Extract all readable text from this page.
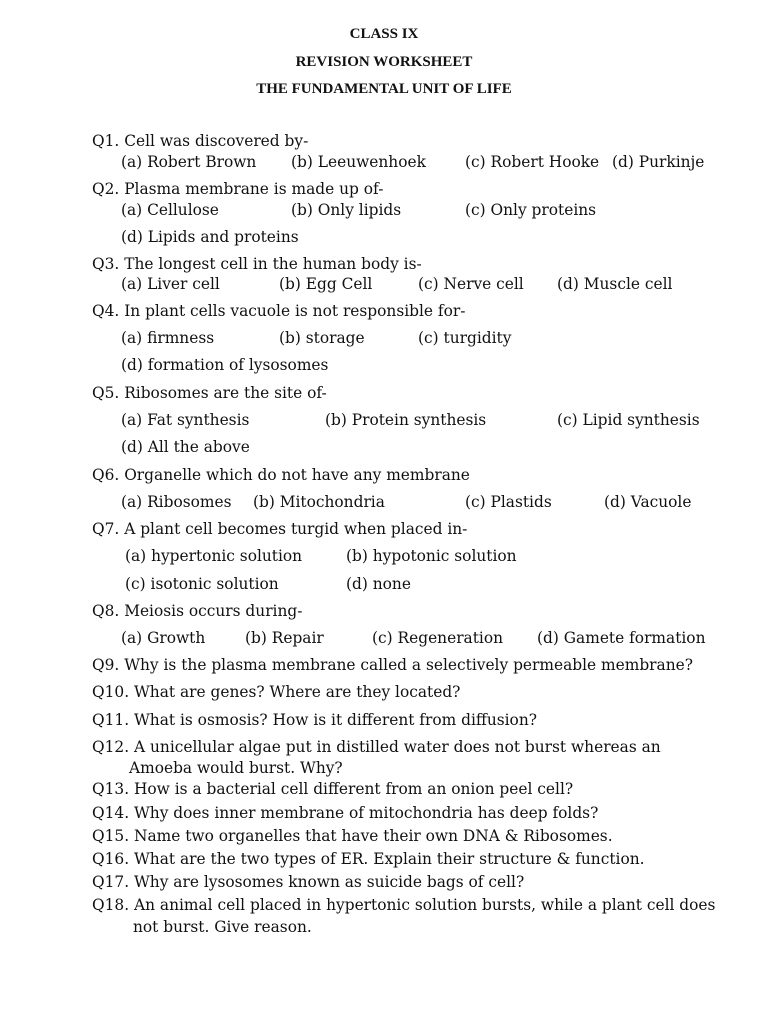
CLASS IX
REVISION WORKSHEET
THE FUNDAMENTAL UNIT OF LIFE
Q1. Cell was discovered by-
(a) Robert Brown (b) Leeuwenhoek	(c) Robert Hooke (d) Purkinje
Q2. Plasma membrane is made up of-
(a) Cellulose	(b) Only lipids	(c) Only proteins
(d) Lipids and proteins
Q3. The longest cell in the human body is-
(a) Liver cell	(b) Egg Cell	(c) Nerve cell (d) Muscle cell
Q4. In plant cells vacuole is not responsible for-
(a) firmness	(b) storage	(c) turgidity
(d) formation of lysosomes
Q5. Ribosomes are the site of-
(a) Fat synthesis	(b) Protein synthesis	(c) Lipid synthesis
(d) All the above
Q6. Organelle which do not have any membrane
(a) Ribosomes (b) Mitochondria	(c) Plastids	(d) Vacuole
Q7. A plant cell becomes turgid when placed in-
(a) hypertonic solution	(b) hypotonic solution
(c) isotonic solution	(d) none
Q8. Meiosis occurs during-
(a) Growth	(b) Repair	(c) Regeneration (d) Gamete formation
Q9. Why is the plasma membrane called a selectively permeable membrane?
Q10. What are genes? Where are they located?
Q11. What is osmosis? How is it different from diffusion?
Q12. A unicellular algae put in distilled water does not burst whereas an
Amoeba would burst. Why?
Q13. How is a bacterial cell different from an onion peel cell?
Q14. Why does inner membrane of mitochondria has deep folds?
Q15. Name two organelles that have their own DNA & Ribosomes.
Q16. What are the two types of ER. Explain their structure & function.
Q17. Why are lysosomes known as suicide bags of cell?
Q18. An animal cell placed in hypertonic solution bursts, while a plant cell does
not burst. Give reason.
